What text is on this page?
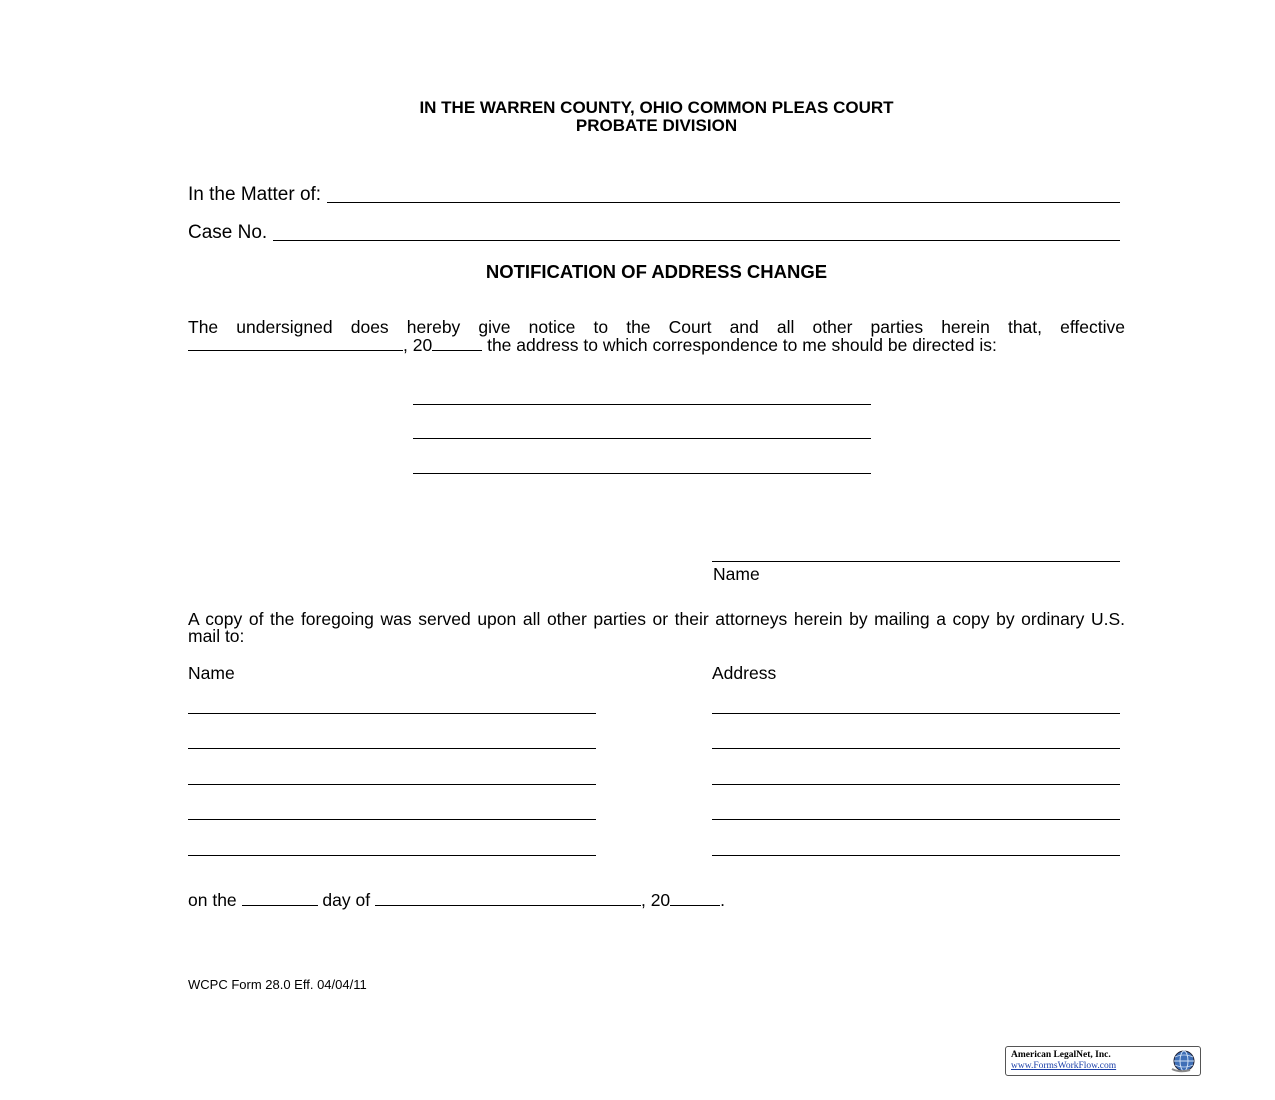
IN THE WARREN COUNTY, OHIO COMMON PLEAS COURT
PROBATE DIVISION
In the Matter of:
Case No.
NOTIFICATION OF ADDRESS CHANGE
The undersigned does hereby give notice to the Court and all other parties herein that, effective , 20	the address to which correspondence to me should be directed is:
Name
A copy of the foregoing was served upon all other parties or their attorneys herein by mailing a copy by ordinary U.S. mail to:
Name	Address
on the	day of	, 20	.
WCPC Form 28.0 Eff. 04/04/11
American LegalNet, Inc.
www.FormsWorkFlow.com
